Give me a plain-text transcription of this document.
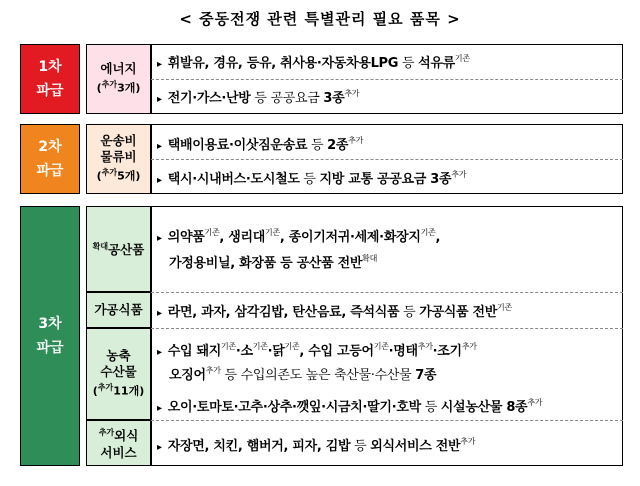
< 중동전쟁 관련 특별관리 필요 품목 >
1차
파급
2차
파급
3차
파급
에너지
($^{추가}$3개)
운송비
물류비
($^{추가}$5개)
$^{확대}$공산품
가공식품
농축
수산물
($^{추가}$11개)
$^{추가}$외식
서비스
▸ 휘발유, 경유, 등유, 취사용·자동차용LPG 등 석유류$^{기존}$
▸ 전기·가스·난방 등 공공요금 3종$^{추가}$
▸ 택배이용료·이삿짐운송료 등 2종$^{추가}$
▸ 택시·시내버스·도시철도 등 지방 교통 공공요금 3종$^{추가}$
▸ 의약품$^{기존}$, 생리대$^{기존}$, 종이기저귀·세제·화장지$^{기존}$,
가정용비닐, 화장품 등 공산품 전반$^{확대}$
▸ 라면, 과자, 삼각김밥, 탄산음료, 즉석식품 등 가공식품 전반$^{기존}$
▸ 수입 돼지$^{기존}$·소$^{기존}$·닭$^{기존}$, 수입 고등어$^{기존}$·명태$^{추가}$·조기$^{추가}$
오징어$^{추가}$ 등 수입의존도 높은 축산물·수산물 7종
▸ 오이·토마토·고추·상추·깻잎·시금치·딸기·호박 등 시설농산물 8종$^{추가}$
▸ 자장면, 치킨, 햄버거, 피자, 김밥 등 외식서비스 전반$^{추가}$
